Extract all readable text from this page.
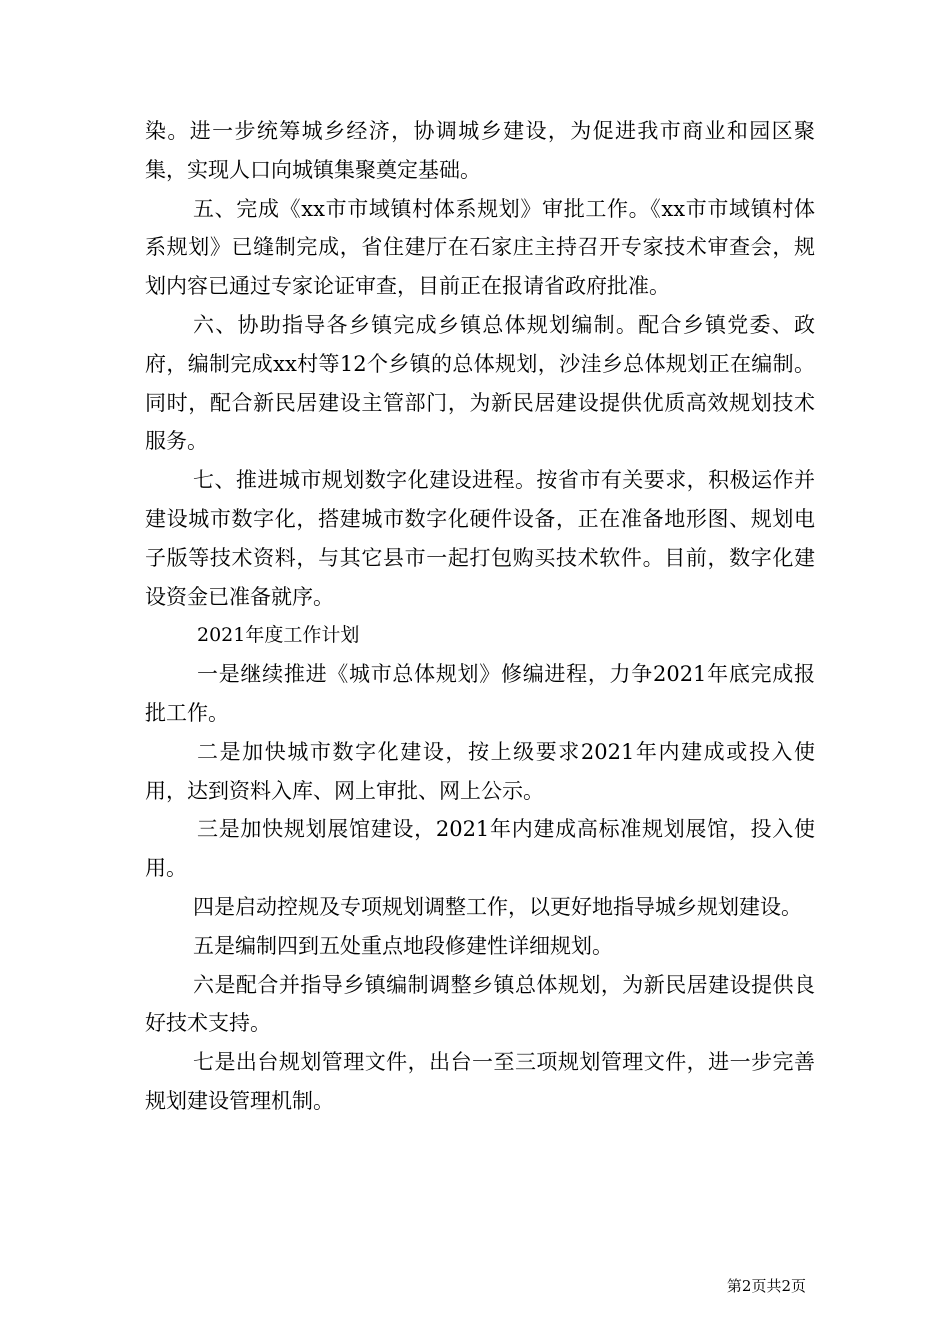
染。进一步统筹城乡经济，协调城乡建设，为促进我市商业和园区聚集，实现人口向城镇集聚奠定基础。

五、完成《xx市市域镇村体系规划》审批工作。《xx市市域镇村体系规划》已缝制完成，省住建厅在石家庄主持召开专家技术审查会，规划内容已通过专家论证审查，目前正在报请省政府批准。

六、协助指导各乡镇完成乡镇总体规划编制。配合乡镇党委、政府，编制完成xx村等12个乡镇的总体规划，沙洼乡总体规划正在编制。同时，配合新民居建设主管部门，为新民居建设提供优质高效规划技术服务。

七、推进城市规划数字化建设进程。按省市有关要求，积极运作并建设城市数字化，搭建城市数字化硬件设备，正在准备地形图、规划电子版等技术资料，与其它县市一起打包购买技术软件。目前，数字化建设资金已准备就序。

2021年度工作计划

一是继续推进《城市总体规划》修编进程，力争2021年底完成报批工作。

二是加快城市数字化建设，按上级要求2021年内建成或投入使用，达到资料入库、网上审批、网上公示。

三是加快规划展馆建设，2021年内建成高标准规划展馆，投入使用。

四是启动控规及专项规划调整工作，以更好地指导城乡规划建设。

五是编制四到五处重点地段修建性详细规划。

六是配合并指导乡镇编制调整乡镇总体规划，为新民居建设提供良好技术支持。

七是出台规划管理文件，出台一至三项规划管理文件，进一步完善规划建设管理机制。

第2页共2页
